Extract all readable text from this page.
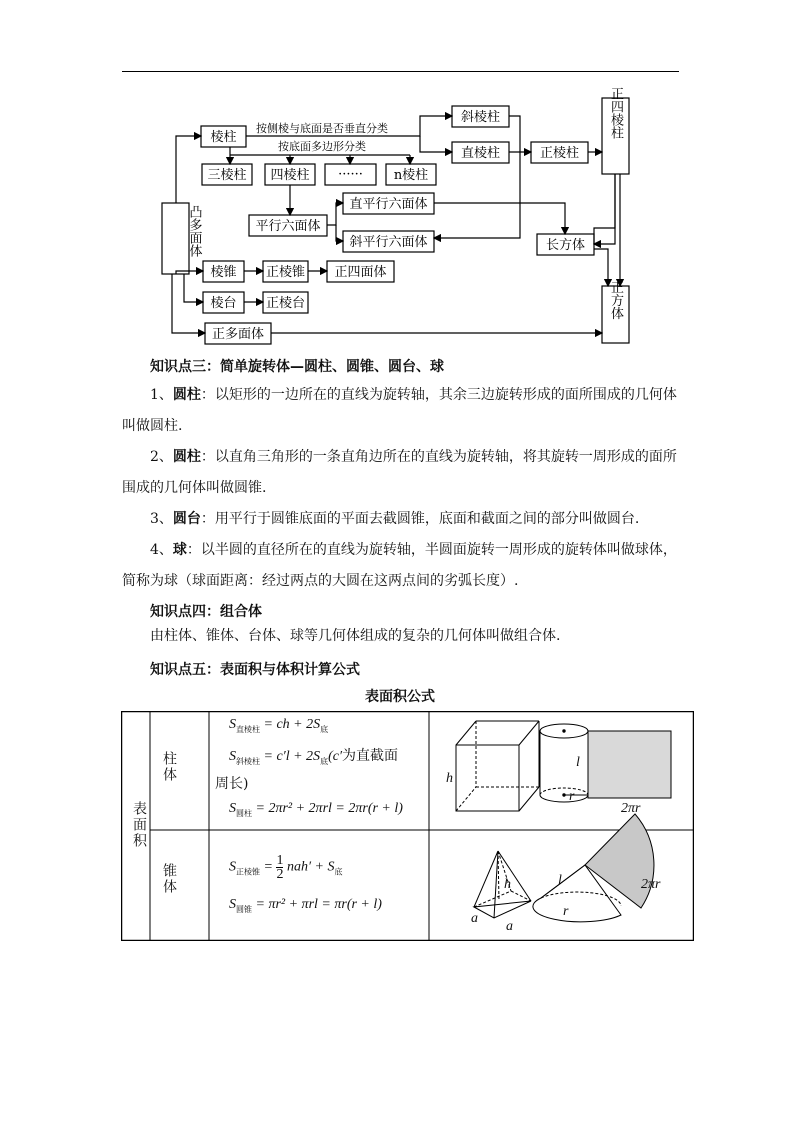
凸多面体
棱柱
斜棱柱
直棱柱	正棱柱
正四棱柱
三棱柱 四棱柱 ······ n棱柱
平行六面体
直平行六面体
斜平行六面体	长方体
棱锥 正棱锥 正四面体
棱台 正棱台
正多面体
正方体
按侧棱与底面是否垂直分类
按底面多边形分类
知识点三：简单旋转体—圆柱、圆锥、圆台、球

1、圆柱：以矩形的一边所在的直线为旋转轴，其余三边旋转形成的面所围成的几何体叫做圆柱.

2、圆柱：以直角三角形的一条直角边所在的直线为旋转轴，将其旋转一周形成的面所围成的几何体叫做圆锥.

3、圆台：用平行于圆锥底面的平面去截圆锥，底面和截面之间的部分叫做圆台.

4、球：以半圆的直径所在的直线为旋转轴，半圆面旋转一周形成的旋转体叫做球体，简称为球（球面距离：经过两点的大圆在这两点间的劣弧长度）.

知识点四：组合体

由柱体、锥体、台体、球等几何体组成的复杂的几何体叫做组合体.

知识点五：表面积与体积计算公式
表面积公式
表面积
柱体
锥体
$S_{直棱柱}$ = ch + $2S_底$
$S_{斜棱柱} = c'l + 2S_底(c'$为直截面
周长)
$S_{圆柱} = 2\pi r^2 + 2\pi rl = 2\pi r(r + l)$
$S_{正棱锥} = \frac{1}{2} nah' + S_底$
$S_{圆锥} = \pi r^2 + \pi rl = \pi r(r + l)$
h
l
r
2πr
h
a
a
l
r
2πr
